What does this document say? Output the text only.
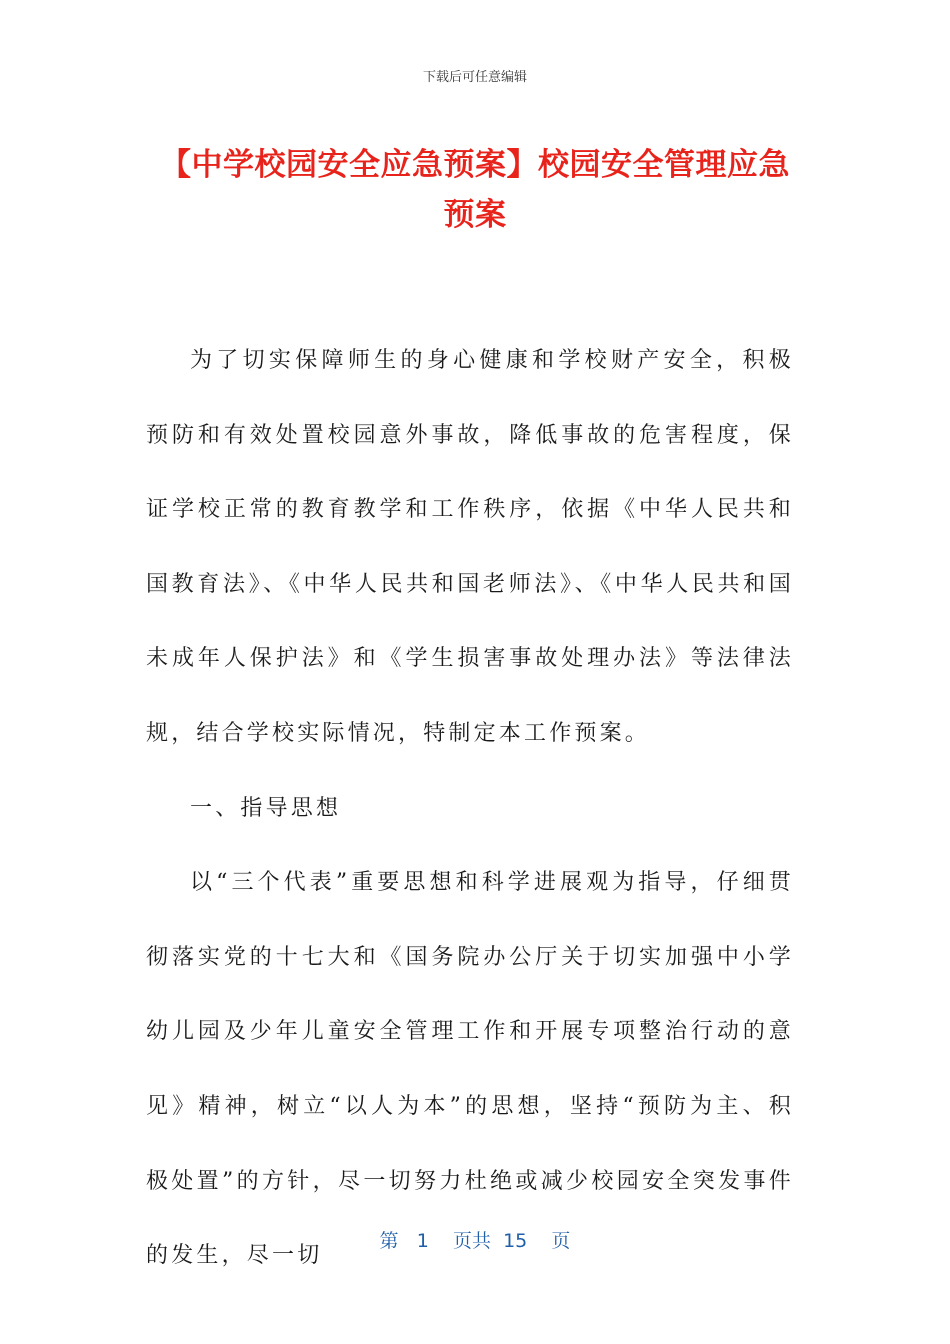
下载后可任意编辑
【中学校园安全应急预案】校园安全管理应急预案

为了切实保障师生的身心健康和学校财产安全，积极预防和有效处置校园意外事故，降低事故的危害程度，保证学校正常的教育教学和工作秩序，依据《中华人民共和国教育法》、《中华人民共和国老师法》、《中华人民共和国未成年人保护法》和《学生损害事故处理办法》等法律法规，结合学校实际情况，特制定本工作预案。

一、指导思想

以“三个代表”重要思想和科学进展观为指导，仔细贯彻落实党的十七大和《国务院办公厅关于切实加强中小学幼儿园及少年儿童安全管理工作和开展专项整治行动的意见》精神，树立“以人为本”的思想，坚持“预防为主、积极处置”的方针，尽一切努力杜绝或减少校园安全突发事件的发生，尽一切

第 1 页共 15 页
